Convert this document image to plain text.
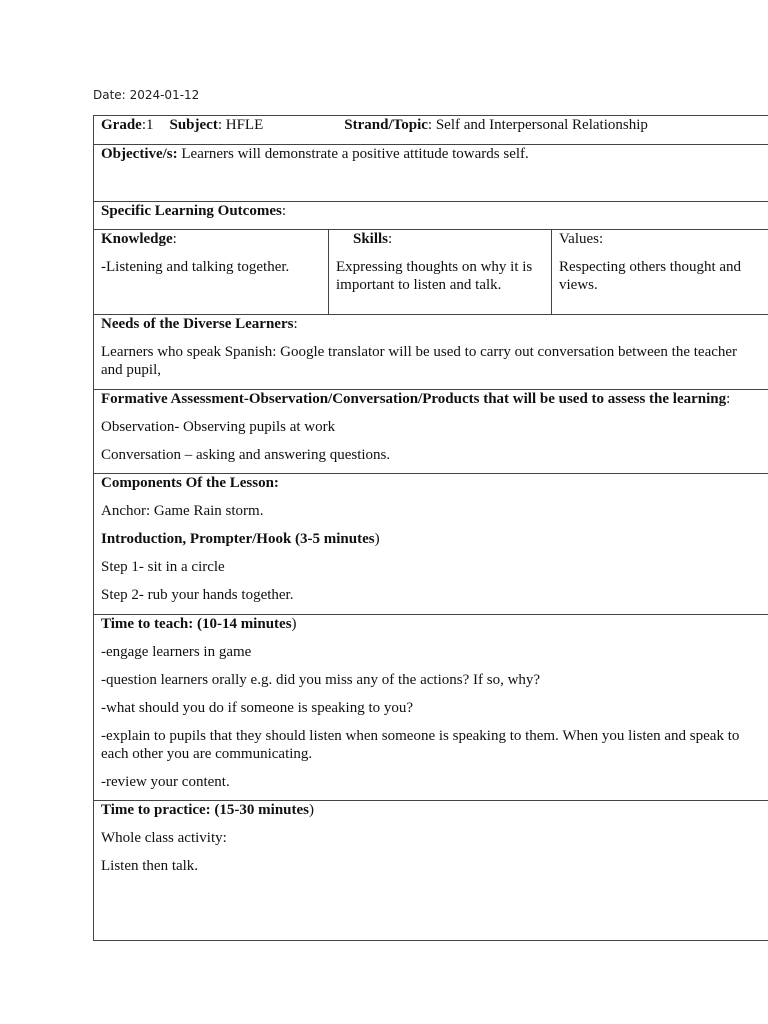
Date: 2024-01-12

Grade:1 Subject: HFLE	Strand/Topic: Self and Interpersonal Relationship

Objective/s: Learners will demonstrate a positive attitude towards self.

Specific Learning Outcomes:

Knowledge:

-Listening and talking together.

Skills:

Expressing thoughts on why it is important to listen and talk.

Values:

Respecting others thought and views.

Needs of the Diverse Learners:

Learners who speak Spanish: Google translator will be used to carry out conversation between the teacher and pupil,

Formative Assessment-Observation/Conversation/Products that will be used to assess the learning:

Observation- Observing pupils at work

Conversation – asking and answering questions.

Components Of the Lesson:

Anchor: Game Rain storm.

Introduction, Prompter/Hook (3-5 minutes)

Step 1- sit in a circle

Step 2- rub your hands together.

Time to teach: (10-14 minutes)

-engage learners in game

-question learners orally e.g. did you miss any of the actions? If so, why?

-what should you do if someone is speaking to you?

-explain to pupils that they should listen when someone is speaking to them. When you listen and speak to each other you are communicating.

-review your content.

Time to practice: (15-30 minutes)

Whole class activity:

Listen then talk.
